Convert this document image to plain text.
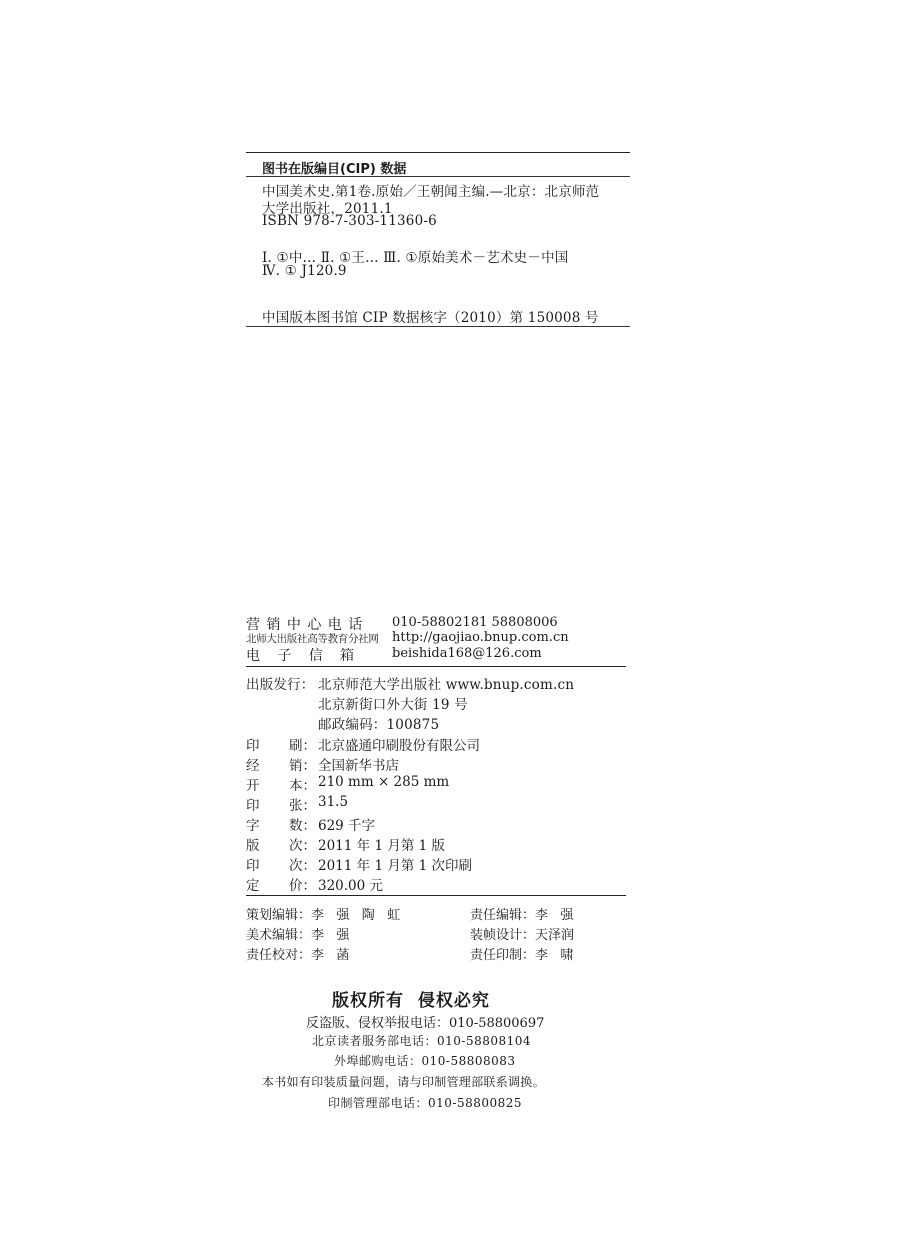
图书在版编目(CIP) 数据
中国美术史.第1卷.原始／王朝闻主编.—北京：北京师范
大学出版社，2011.1
ISBN 978-7-303-11360-6
Ⅰ. ①中… Ⅱ. ①王… Ⅲ. ①原始美术－艺术史－中国
Ⅳ. ① J120.9
中国版本图书馆 CIP 数据核字（2010）第 150008 号
营 销 中 心 电 话 010-58802181 58808006
北师大出版社高等教育分社网 http://gaojiao.bnup.com.cn
电   子   信   箱	beishida168@126.com
出版发行： 北京师范大学出版社 www.bnup.com.cn
北京新街口外大街 19 号
邮政编码：100875
印 刷： 北京盛通印刷股份有限公司
经 销： 全国新华书店
开 本： 210 mm × 285 mm
印 张： 31.5
字 数： 629 千字
版 次： 2011 年 1 月第 1 版
印 次： 2011 年 1 月第 1 次印刷
定 价： 320.00 元
策划编辑：李   强   陶   虹	责任编辑：李   强
美术编辑：李   强	装帧设计：天泽润
责任校对：李   菡	责任印制：李   啸
版权所有  侵权必究
反盗版、侵权举报电话：010-58800697
北京读者服务部电话：010-58808104
外埠邮购电话：010-58808083
本书如有印装质量问题，请与印制管理部联系调换。
印制管理部电话：010-58800825
